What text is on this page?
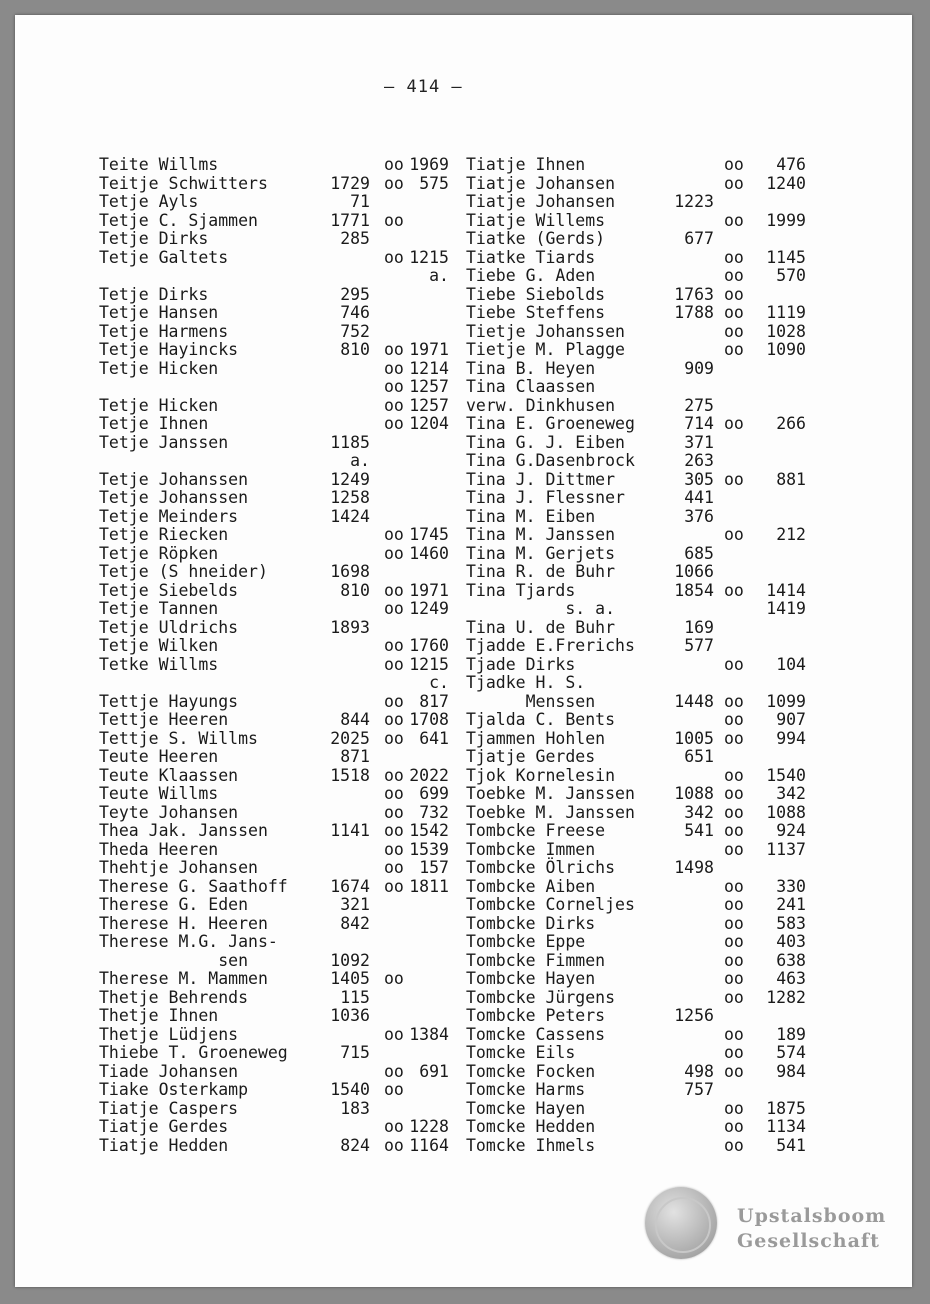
– 414 –
Teite Willms	oo 1969
Teitje Schwitters	1729 oo 575
Tetje Ayls	71
Tetje C. Sjammen	1771 oo
Tetje Dirks	285
Tetje Galtets	oo 1215
a.
Tetje Dirks	295
Tetje Hansen	746
Tetje Harmens	752
Tetje Hayincks	810 oo 1971
Tetje Hicken	oo 1214
oo 1257
Tetje Hicken	oo 1257
Tetje Ihnen	oo 1204
Tetje Janssen	1185
a.
Tetje Johanssen	1249
Tetje Johanssen	1258
Tetje Meinders	1424
Tetje Riecken	oo 1745
Tetje Röpken	oo 1460
Tetje (S hneider)	1698
Tetje Siebelds	810 oo 1971
Tetje Tannen	oo 1249
Tetje Uldrichs	1893
Tetje Wilken	oo 1760
Tetke Willms	oo 1215
c.
Tettje Hayungs	oo 817
Tettje Heeren	844 oo 1708
Tettje S. Willms	2025 oo 641
Teute Heeren	871
Teute Klaassen	1518 oo 2022
Teute Willms	oo 699
Teyte Johansen	oo 732
Thea Jak. Janssen	1141 oo 1542
Theda Heeren	oo 1539
Thehtje Johansen	oo 157
Therese G. Saathoff	1674 oo 1811
Therese G. Eden	321
Therese H. Heeren	842
Therese M.G. Jans-
sen	1092
Therese M. Mammen	1405 oo
Thetje Behrends	115
Thetje Ihnen	1036
Thetje Lüdjens	oo 1384
Thiebe T. Groeneweg	715
Tiade Johansen	oo 691
Tiake Osterkamp	1540 oo
Tiatje Caspers	183
Tiatje Gerdes	oo 1228
Tiatje Hedden	824 oo 1164
Tiatje Ihnen	oo 476
Tiatje Johansen	oo 1240
Tiatje Johansen	1223
Tiatje Willems	oo 1999
Tiatke (Gerds)	677
Tiatke Tiards	oo 1145
Tiebe G. Aden	oo 570
Tiebe Siebolds	1763 oo
Tiebe Steffens	1788 oo 1119
Tietje Johanssen	oo 1028
Tietje M. Plagge	oo 1090
Tina B. Heyen	909
Tina Claassen
verw. Dinkhusen	275
Tina E. Groeneweg	714 oo 266
Tina G. J. Eiben	371
Tina G.Dasenbrock	263
Tina J. Dittmer	305 oo 881
Tina J. Flessner	441
Tina M. Eiben	376
Tina M. Janssen	oo 212
Tina M. Gerjets	685
Tina R. de Buhr	1066
Tina Tjards	1854 oo 1414
s. a.	1419
Tina U. de Buhr	169
Tjadde E.Frerichs	577
Tjade Dirks	oo 104
Tjadke H. S.
Menssen	1448 oo 1099
Tjalda C. Bents	oo 907
Tjammen Hohlen	1005 oo 994
Tjatje Gerdes	651
Tjok Kornelesin	oo 1540
Toebke M. Janssen 1088 oo 342
Toebke M. Janssen	342 oo 1088
Tombcke Freese	541 oo 924
Tombcke Immen	oo 1137
Tombcke Ölrichs	1498
Tombcke Aiben	oo 330
Tombcke Corneljes	oo 241
Tombcke Dirks	oo 583
Tombcke Eppe	oo 403
Tombcke Fimmen	oo 638
Tombcke Hayen	oo 463
Tombcke Jürgens	oo 1282
Tombcke Peters	1256
Tomcke Cassens	oo 189
Tomcke Eils	oo 574
Tomcke Focken	498 oo 984
Tomcke Harms	757
Tomcke Hayen	oo 1875
Tomcke Hedden	oo 1134
Tomcke Ihmels	oo 541
Upstalsboom
Gesellschaft
